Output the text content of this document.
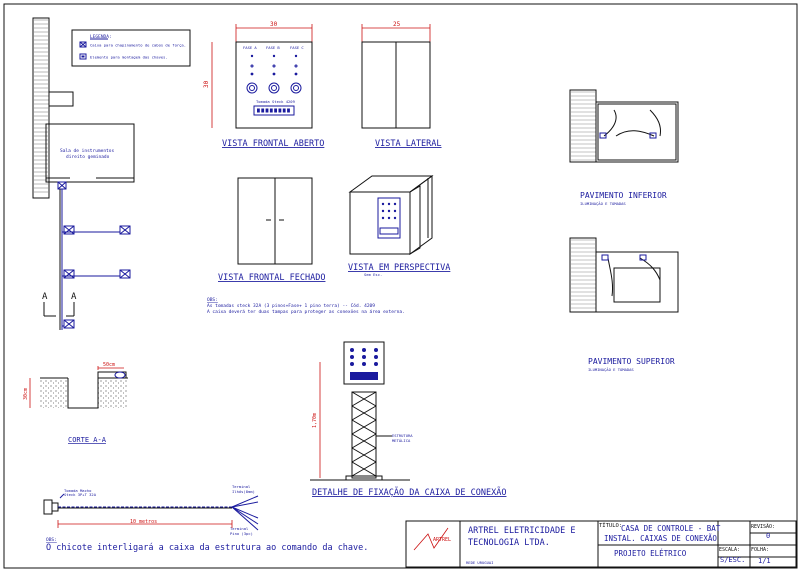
LEGENDA:
Caixa para chapinamento de cabos de força.
Elemento para montagem das chaves.
Sala de instrumentos
direito geminado
A	A
30
30
FASE A FASE B	FASE C
Tomada Steck 4209
VISTA FRONTAL ABERTO
25
VISTA LATERAL
VISTA FRONTAL FECHADO
VISTA EM PERSPECTIVA
Sem Esc.
OBS:
As tomadas steck 32A (3 pinos+Fase+ 1 pino terra) -- Cód. 4209
A caixa deverá ter duas tampas para proteger as conexões na área externa.
50cm
30cm
CORTE A-A
PAVIMENTO INFERIOR
ILUMINAÇÃO E TOMADAS
PAVIMENTO SUPERIOR
ILUMINAÇÃO E TOMADAS
1,70m
ESTRUTURA
METÁLICA
DETALHE DE FIXAÇÃO DA CAIXA DE CONEXÃO
Tomada Macho
Steck 3P+T 32A
Terminal
Ilhós(8mm)
Terminal
Pino (3pc)
10 metros
OBS:
O chicote interligará a caixa da estrutura ao comando da chave.
ARTREL
REDE URUGUAI
ARTREL ELETRICIDADE E
TECNOLOGIA LTDA.
TÍTULO:
CASA DE CONTROLE - BAT
INSTAL. CAIXAS DE CONEXÃO
PROJETO ELÉTRICO
REVISÃO:
0
ESCALA:
S/ESC.
FOLHA:
1/1
